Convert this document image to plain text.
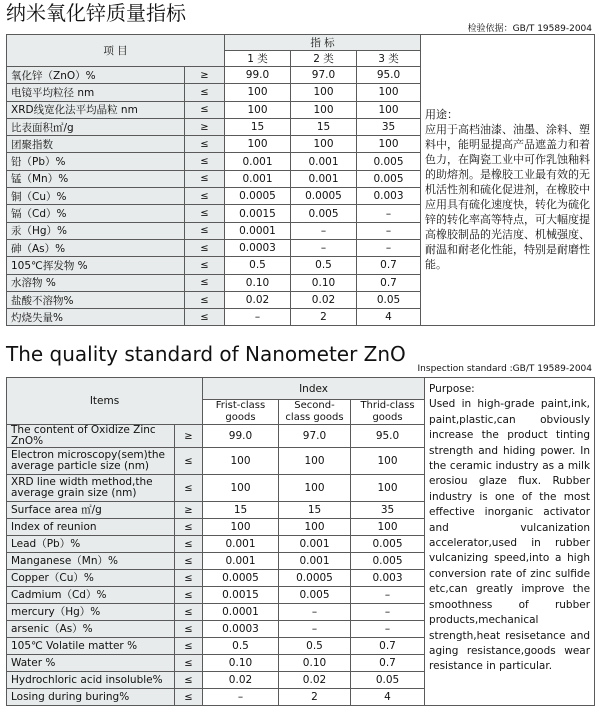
纳米氧化锌质量指标
检验依据：GB/T 19589-2004
项 目		指 标			用途：
应用于高档油漆、油墨、涂料、塑料中，能明显提高产品遮盖力和着色力，在陶瓷工业中可作乳蚀釉料的助熔剂。是橡胶工业最有效的无机活性剂和硫化促进剂，在橡胶中应用具有硫化速度快，转化为硫化锌的转化率高等特点，可大幅度提高橡胶制品的光洁度、机械强度、耐温和耐老化性能，特别是耐磨性能。

		1 类	2 类	3 类	
氧化锌（ZnO）%	≥	99.0	97.0	95.0	
电镜平均粒径 nm	≤	100	100	100	
XRD线宽化法平均晶粒 nm	≤	100	100	100	
比表面积㎡/g	≥	15	15	35	
团聚指数	≤	100	100	100	
铅（Pb）%	≤	0.001	0.001	0.005	
锰（Mn）%	≤	0.001	0.001	0.005	
铜（Cu）%	≤	0.0005	0.0005	0.003	
镉（Cd）%	≤	0.0015	0.005	–	
汞（Hg）%	≤	0.0001	–	–	
砷（As）%	≤	0.0003	–	–	
105℃挥发物 %	≤	0.5	0.5	0.7	
水溶物 %	≤	0.10	0.10	0.7	
盐酸不溶物%	≤	0.02	0.02	0.05	
灼烧失量%	≤	–	2	4	
The quality standard of Nanometer ZnO
Inspection standard :GB/T 19589-2004
Items		Index			Purpose:
Used in high-grade paint,ink, paint,plastic,can obviously increase the product tinting strength and hiding power. In the ceramic industry as a milk erosiou glaze flux. Rubber industry is one of the most effective inorganic activator and vulcanization accelerator,used in rubber vulcanizing speed,into a high conversion rate of zinc sulfide etc,can greatly improve the smoothness of rubber products,mechanical strength,heat resisetance and aging resistance,goods wear resistance in particular.

		Frist-class goods	Second-class goods	Thrid-class goods	
The content of Oxidize Zinc ZnO%	≥	99.0	97.0	95.0	
Electron microscopy(sem)the average particle size (nm)	≤	100	100	100	
XRD line width method,the average grain size (nm)	≤	100	100	100	
Surface area ㎡/g	≥	15	15	35	
Index of reunion	≤	100	100	100	
Lead（Pb）%	≤	0.001	0.001	0.005	
Manganese（Mn）%	≤	0.001	0.001	0.005	
Copper（Cu）%	≤	0.0005	0.0005	0.003	
Cadmium（Cd）%	≤	0.0015	0.005	–	
mercury（Hg）%	≤	0.0001	–	–	
arsenic（As）%	≤	0.0003	–	–	
105℃ Volatile matter %	≤	0.5	0.5	0.7	
Water %	≤	0.10	0.10	0.7	
Hydrochloric acid insoluble%	≤	0.02	0.02	0.05	
Losing during buring%	≤	–	2	4	
